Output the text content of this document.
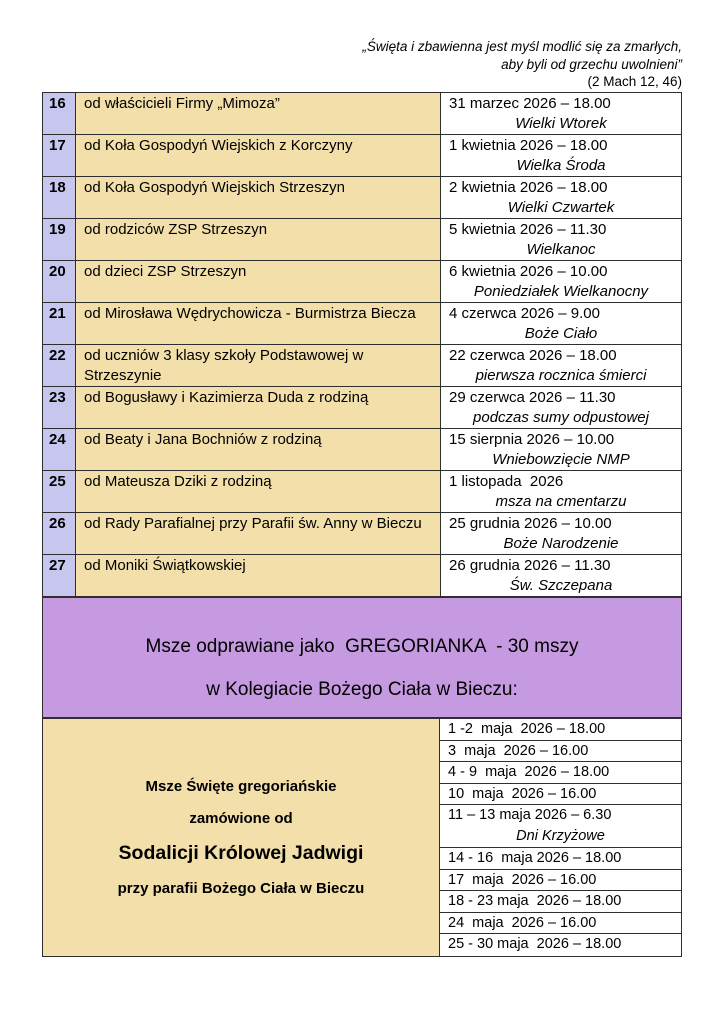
„Święta i zbawienna jest myśl modlić się za zmarłych,
aby byli od grzechu uwolnieni”
(2 Mach 12, 46)
16	od właścicieli Firmy „Mimoza”	31 marzec 2026 – 18.00
Wielki Wtorek
17	od Koła Gospodyń Wiejskich z Korczyny	1 kwietnia 2026 – 18.00
Wielka Środa
18	od Koła Gospodyń Wiejskich Strzeszyn	2 kwietnia 2026 – 18.00
Wielki Czwartek
19	od rodziców ZSP Strzeszyn	5 kwietnia 2026 – 11.30
Wielkanoc
20	od dzieci ZSP Strzeszyn	6 kwietnia 2026 – 10.00
Poniedziałek Wielkanocny
21	od Mirosława Wędrychowicza - Burmistrza Biecza	4 czerwca 2026 – 9.00
Boże Ciało
22	od uczniów 3 klasy szkoły Podstawowej w Strzeszynie
22 czerwca 2026 – 18.00
pierwsza rocznica śmierci
23	od Bogusławy i Kazimierza Duda z rodziną	29 czerwca 2026 – 11.30
podczas sumy odpustowej
24	od Beaty i Jana Bochniów z rodziną	15 sierpnia 2026 – 10.00
Wniebowzięcie NMP
25	od Mateusza Dziki z rodziną	1 listopada  2026
msza na cmentarzu
26	od Rady Parafialnej przy Parafii św. Anny w Bieczu	25 grudnia 2026 – 10.00
Boże Narodzenie
27	od Moniki Świątkowskiej	26 grudnia 2026 – 11.30
Św. Szczepana
Msze odprawiane jako  GREGORIANKA  - 30 mszy
w Kolegiacie Bożego Ciała w Bieczu:
Msze Święte gregoriańskie
zamówione od
Sodalicji Królowej Jadwigi
przy parafii Bożego Ciała w Bieczu
1 -2  maja  2026 – 18.00
3  maja  2026 – 16.00
4 - 9  maja  2026 – 18.00
10  maja  2026 – 16.00
11 – 13 maja 2026 – 6.30
Dni Krzyżowe
14 - 16  maja 2026 – 18.00
17  maja  2026 – 16.00
18 - 23 maja  2026 – 18.00
24  maja  2026 – 16.00
25 - 30 maja  2026 – 18.00
